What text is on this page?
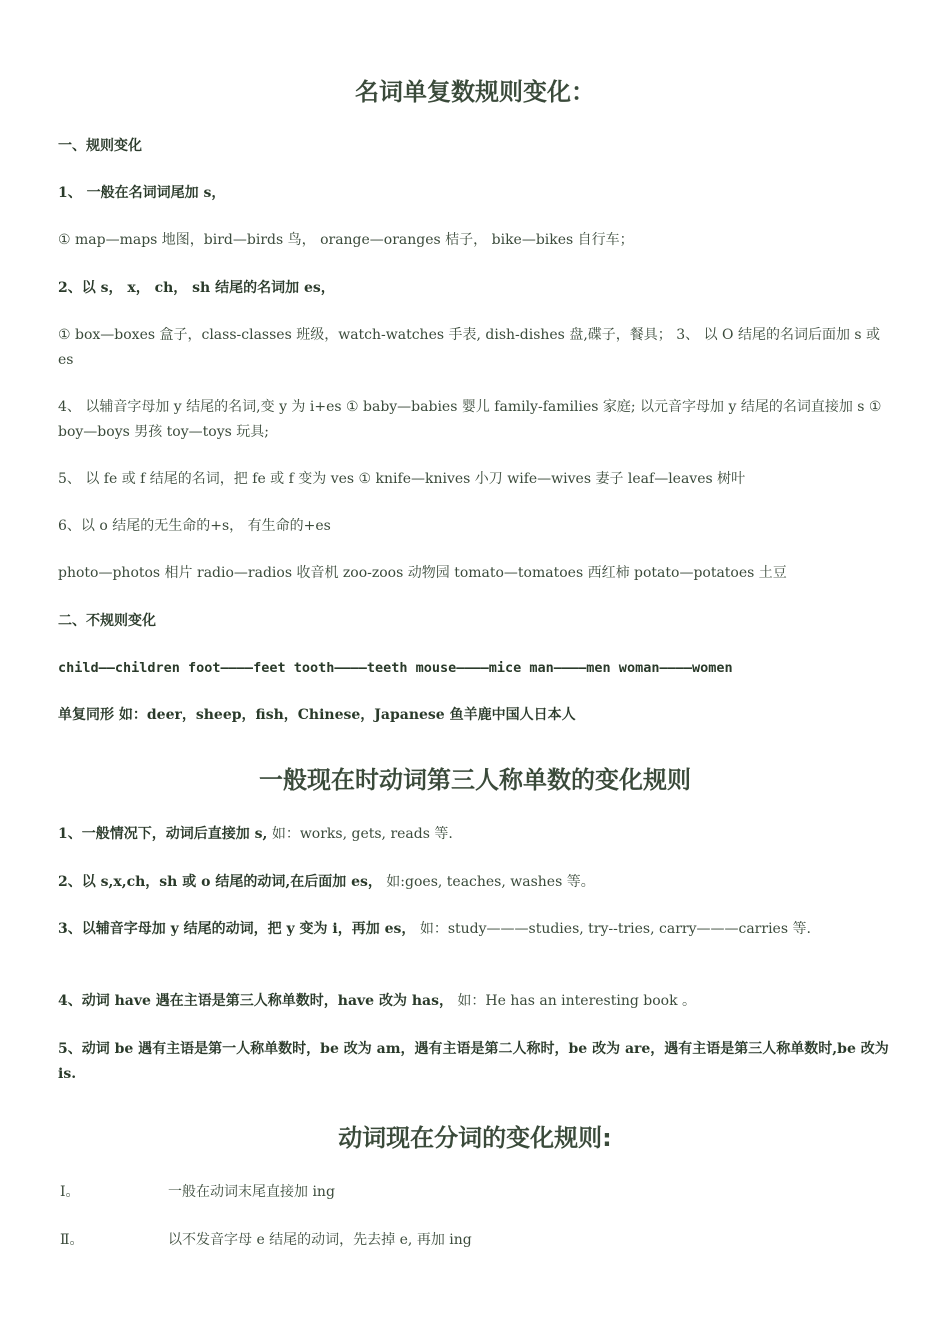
名词单复数规则变化：

一、规则变化

1、 一般在名词词尾加 s，

① map—maps 地图，bird—birds 鸟， orange—oranges 桔子， bike—bikes 自行车；

2、以 s， x， ch， sh 结尾的名词加 es，

① box—boxes 盒子，class-classes 班级，watch-watches 手表, dish-dishes 盘,碟子，餐具； 3、 以 O 结尾的名词后面加 s 或 es

4、 以辅音字母加 y 结尾的名词,变 y 为 i+es ① baby—babies 婴儿 family-families 家庭; 以元音字母加 y 结尾的名词直接加 s ① boy—boys 男孩 toy—toys 玩具;

5、 以 fe 或 f 结尾的名词，把 fe 或 f 变为 ves ① knife—knives 小刀 wife—wives 妻子 leaf—leaves 树叶

6、以 o 结尾的无生命的+s， 有生命的+es

photo—photos 相片 radio—radios 收音机 zoo-zoos 动物园 tomato—tomatoes 西红柿 potato—potatoes 土豆

二、不规则变化

child——children foot————feet tooth————teeth mouse————mice man————men woman————women

单复同形 如：deer，sheep，fish，Chinese，Japanese 鱼羊鹿中国人日本人

一般现在时动词第三人称单数的变化规则

1、一般情况下，动词后直接加 s, 如：works, gets, reads 等.

2、以 s,x,ch，sh 或 o 结尾的动词,在后面加 es， 如:goes, teaches, washes 等。

3、以辅音字母加 y 结尾的动词，把 y 变为 i，再加 es， 如：study———studies, try--tries, carry———carries 等.

4、动词 have 遇在主语是第三人称单数时，have 改为 has， 如：He has an interesting book 。

5、动词 be 遇有主语是第一人称单数时，be 改为 am，遇有主语是第二人称时，be 改为 are，遇有主语是第三人称单数时,be 改为 is.

动词现在分词的变化规则:
Ⅰ。	一般在动词末尾直接加 ing
Ⅱ。	以不发音字母 e 结尾的动词，先去掉 e, 再加 ing
